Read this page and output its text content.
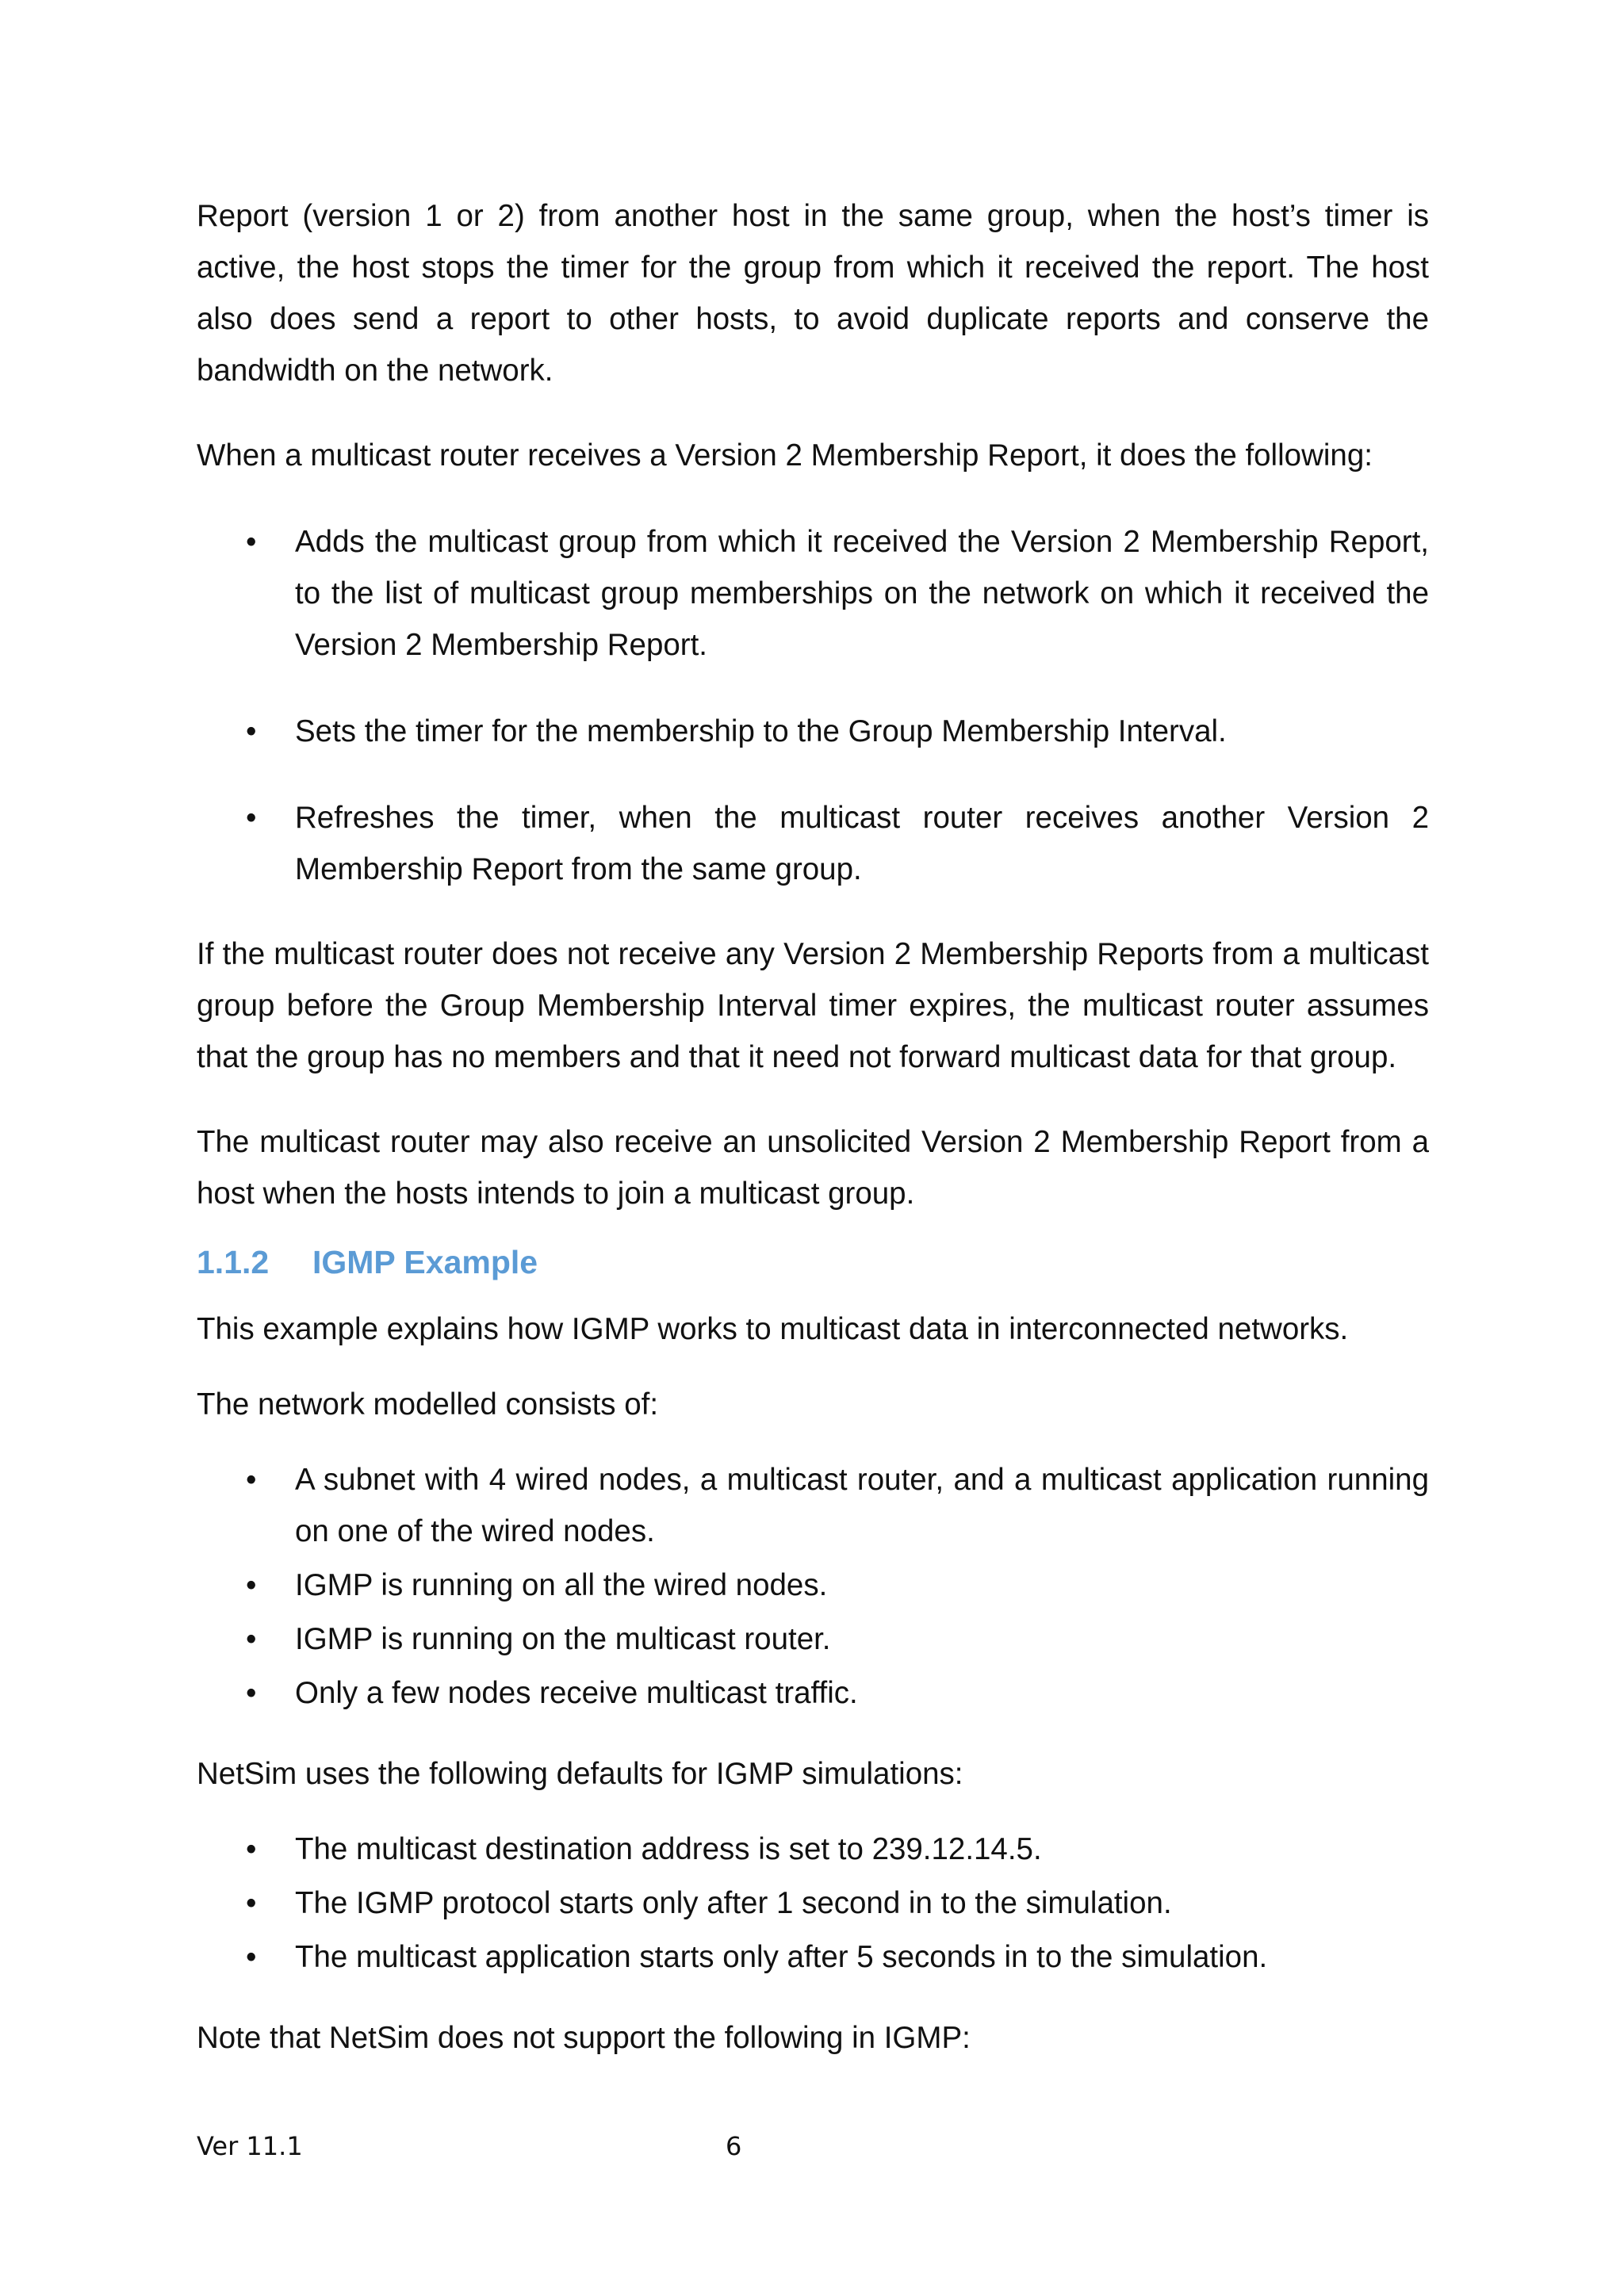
Report (version 1 or 2) from another host in the same group, when the host’s timer is active, the host stops the timer for the group from which it received the report. The host also does send a report to other hosts, to avoid duplicate reports and conserve the bandwidth on the network.

When a multicast router receives a Version 2 Membership Report, it does the following:

• Adds the multicast group from which it received the Version 2 Membership Report, to the list of multicast group memberships on the network on which it received the Version 2 Membership Report.
• Sets the timer for the membership to the Group Membership Interval.
• Refreshes the timer, when the multicast router receives another Version 2 Membership Report from the same group.

If the multicast router does not receive any Version 2 Membership Reports from a multicast group before the Group Membership Interval timer expires, the multicast router assumes that the group has no members and that it need not forward multicast data for that group.

The multicast router may also receive an unsolicited Version 2 Membership Report from a host when the hosts intends to join a multicast group.

1.1.2 IGMP Example

This example explains how IGMP works to multicast data in interconnected networks.

The network modelled consists of:

• A subnet with 4 wired nodes, a multicast router, and a multicast application running on one of the wired nodes.
• IGMP is running on all the wired nodes.
• IGMP is running on the multicast router.
• Only a few nodes receive multicast traffic.

NetSim uses the following defaults for IGMP simulations:

• The multicast destination address is set to 239.12.14.5.
• The IGMP protocol starts only after 1 second in to the simulation.
• The multicast application starts only after 5 seconds in to the simulation.

Note that NetSim does not support the following in IGMP:

Ver 11.1	6
